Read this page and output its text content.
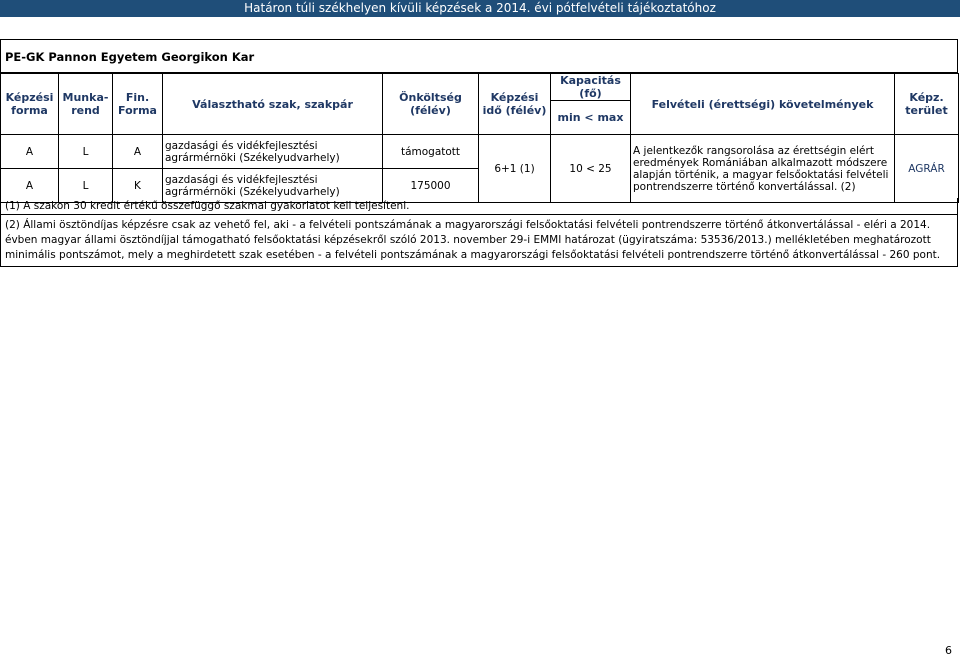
Határon túli székhelyen kívüli képzések a 2014. évi pótfelvételi tájékoztatóhoz
PE-GK Pannon Egyetem Georgikon Kar
Képzési forma	Munka-rend	Fin. Forma	Választható szak, szakpár	Önköltség (félév)	Képzési idő (félév)	Kapacitás (fő)	Felvételi (érettségi) követelmények	Képz. terület
						min < max		
A	L	A	gazdasági és vidékfejlesztési agrármérnöki (Székelyudvarhely)	támogatott	6+1 (1)	10 < 25	A jelentkezők rangsorolása az érettségin elért eredmények Romániában alkalmazott módszere alapján történik, a magyar felsőoktatási felvételi pontrendszerre történő konvertálással. (2)	AGRÁR
A	L	K	gazdasági és vidékfejlesztési agrármérnöki (Székelyudvarhely)	175000				
(1) A szakon 30 kredit értékű összefüggő szakmai gyakorlatot kell teljesíteni.
(2) Állami ösztöndíjas képzésre csak az vehető fel, aki - a felvételi pontszámának a magyarországi felsőoktatási felvételi pontrendszerre történő átkonvertálással - eléri a 2014. évben magyar állami ösztöndíjjal támogatható felsőoktatási képzésekről szóló 2013. november 29-i EMMI határozat (ügyiratszáma: 53536/2013.) mellékletében meghatározott minimális pontszámot, mely a meghirdetett szak esetében - a felvételi pontszámának a magyarországi felsőoktatási felvételi pontrendszerre történő átkonvertálással - 260 pont.
6
